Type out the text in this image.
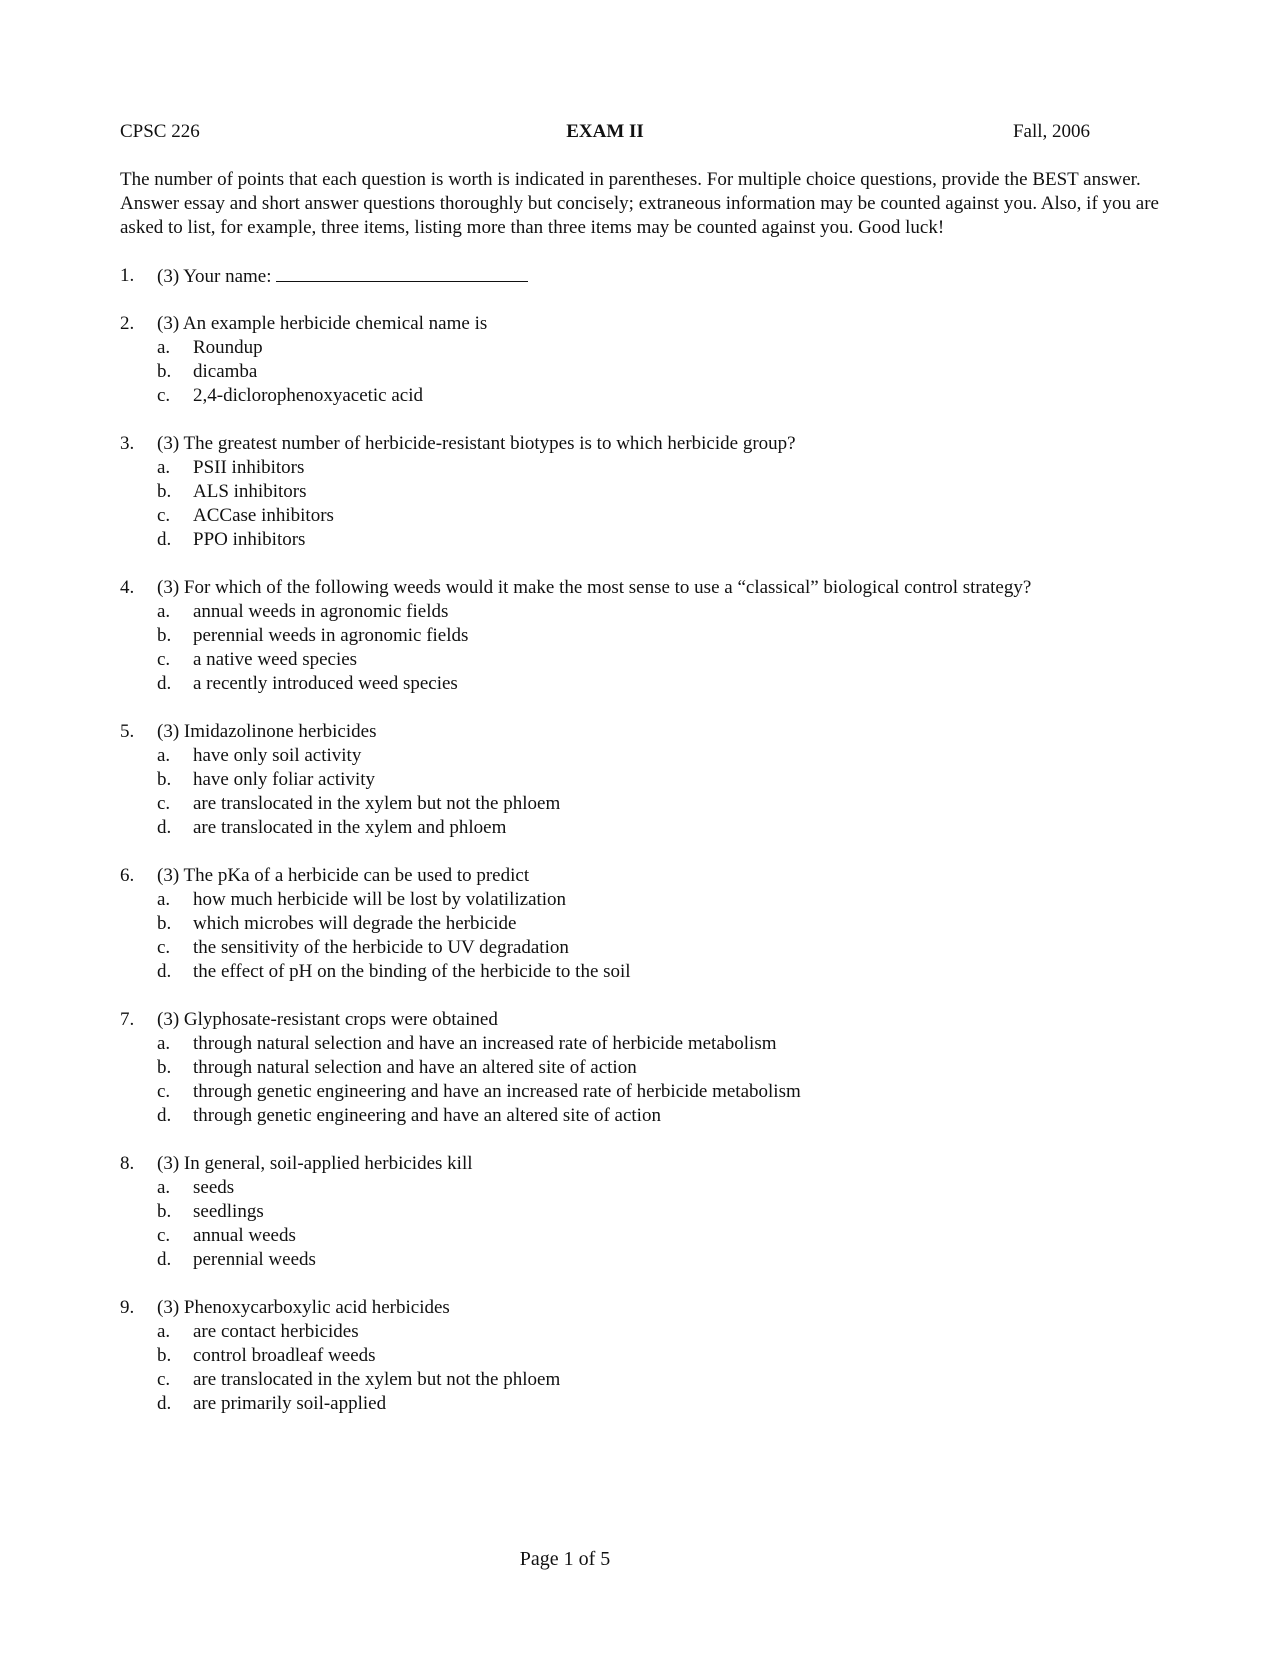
CPSC 226	EXAM II	Fall, 2006
The number of points that each question is worth is indicated in parentheses. For multiple choice questions, provide the BEST answer. Answer essay and short answer questions thoroughly but concisely; extraneous information may be counted against you. Also, if you are asked to list, for example, three items, listing more than three items may be counted against you. Good luck!
1. (3) Your name:
2. (3) An example herbicide chemical name is
a. Roundup
b. dicamba
c. 2,4-diclorophenoxyacetic acid
3. (3) The greatest number of herbicide-resistant biotypes is to which herbicide group?
a. PSII inhibitors
b. ALS inhibitors
c. ACCase inhibitors
d. PPO inhibitors
4. (3) For which of the following weeds would it make the most sense to use a “classical” biological control strategy?
a. annual weeds in agronomic fields
b. perennial weeds in agronomic fields
c. a native weed species
d. a recently introduced weed species
5. (3) Imidazolinone herbicides
a. have only soil activity
b. have only foliar activity
c. are translocated in the xylem but not the phloem
d. are translocated in the xylem and phloem
6. (3) The pKa of a herbicide can be used to predict
a. how much herbicide will be lost by volatilization
b. which microbes will degrade the herbicide
c. the sensitivity of the herbicide to UV degradation
d. the effect of pH on the binding of the herbicide to the soil
7. (3) Glyphosate-resistant crops were obtained
a. through natural selection and have an increased rate of herbicide metabolism
b. through natural selection and have an altered site of action
c. through genetic engineering and have an increased rate of herbicide metabolism
d. through genetic engineering and have an altered site of action
8. (3) In general, soil-applied herbicides kill
a. seeds
b. seedlings
c. annual weeds
d. perennial weeds
9. (3) Phenoxycarboxylic acid herbicides
a. are contact herbicides
b. control broadleaf weeds
c. are translocated in the xylem but not the phloem
d. are primarily soil-applied
Page 1 of 5
